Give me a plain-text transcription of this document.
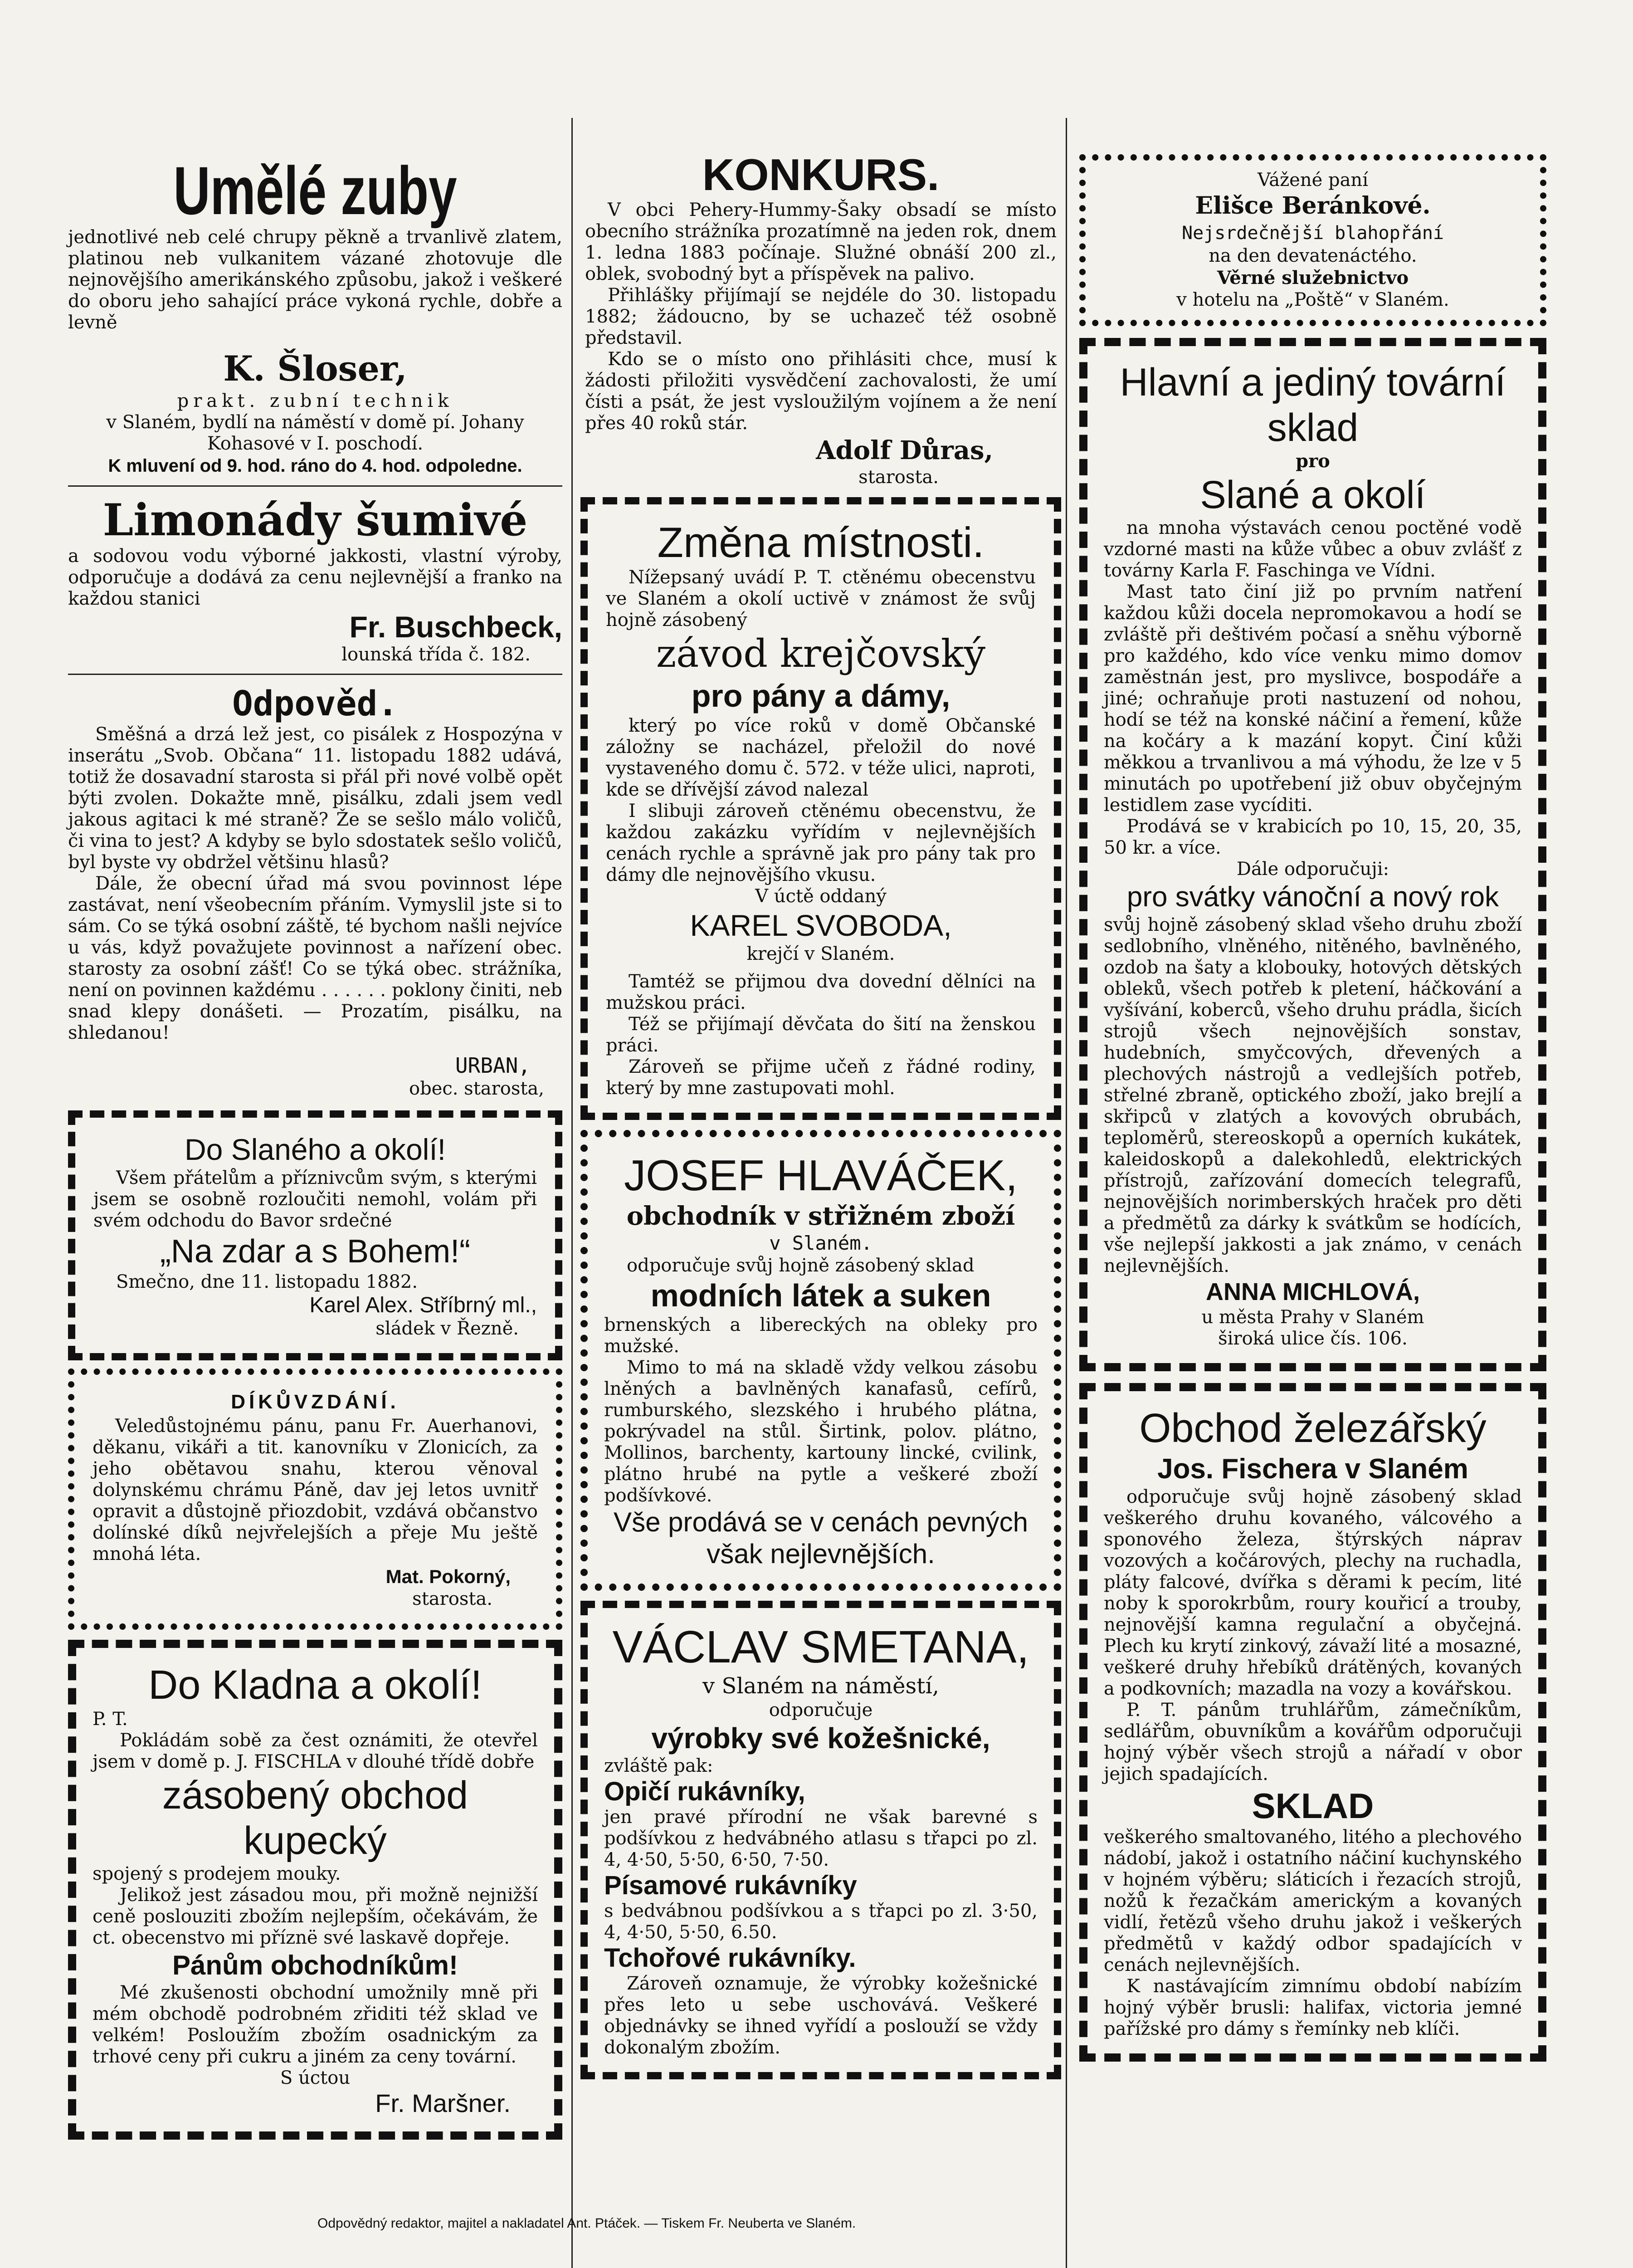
Umělé zuby

jednotlivé neb celé chrupy pěkně a trvanlivě zlatem, platinou neb vulkanitem vázané zhotovuje dle nejnovějšího amerikánského způsobu, jakož i veškeré do oboru jeho sahající práce vykoná rychle, dobře a levně

K. Šloser,

prakt. zubní technik

v Slaném, bydlí na náměstí v domě pí. Johany Kohasové v I. poschodí.

K mluvení od 9. hod. ráno do 4. hod. odpoledne.

Limonády šumivé

a sodovou vodu výborné jakkosti, vlastní výroby, odporučuje a dodává za cenu nejlevnější a franko na každou stanici

Fr. Buschbeck,

lounská třída č. 182.

Odpověd.

Směšná a drzá lež jest, co pisálek z Hospozýna v inserátu „Svob. Občana“ 11. listopadu 1882 udává, totiž že dosavadní starosta si přál při nové volbě opět býti zvolen. Dokažte mně, pisálku, zdali jsem vedl jakous agitaci k mé straně? Že se sešlo málo voličů, či vina to jest? A kdyby se bylo sdostatek sešlo voličů, byl byste vy obdržel většinu hlasů?

Dále, že obecní úřad má svou povinnost lépe zastávat, není všeobecním přáním. Vymyslil jste si to sám. Co se týká osobní záště, té bychom našli nejvíce u vás, když považujete povinnost a nařízení obec. starosty za osobní zášť! Co se týká obec. strážníka, není on povinnen každému . . . . . . poklony činiti, neb snad klepy donášeti. — Prozatím, pisálku, na shledanou!

URBAN,

obec. starosta,

Do Slaného a okolí!

Všem přátelům a příznivcům svým, s kterými jsem se osobně rozloučiti nemohl, volám při svém odchodu do Bavor srdečné

„Na zdar a s Bohem!“

Smečno, dne 11. listopadu 1882.

Karel Alex. Stříbrný ml.,

sládek v Řezně.

DÍKŮVZDÁNÍ.

Veledůstojnému pánu, panu Fr. Auerhanovi, děkanu, vikáři a tit. kanovníku v Zlonicích, za jeho obětavou snahu, kterou věnoval dolynskému chrámu Páně, dav jej letos uvnitř opravit a důstojně přiozdobit, vzdává občanstvo dolínské díků nejvřelejších a přeje Mu ještě mnohá léta.

Mat. Pokorný,

starosta.

Do Kladna a okolí!

P. T.

Pokládám sobě za čest oznámiti, že otevřel jsem v domě p. J. FISCHLA v dlouhé třídě dobře

zásobený obchod kupecký

spojený s prodejem mouky.

Jelikož jest zásadou mou, při možně nejnižší ceně poslouziti zbožím nejlepším, očekávám, že ct. obecenstvo mi příznë své laskavě dopřeje.

Pánům obchodníkům!

Mé zkušenosti obchodní umožnily mně při mém obchodě podrobném zřiditi též sklad ve velkém! Posloužím zbožím osadnickým za trhové ceny při cukru a jiném za ceny tovární.

S úctou

Fr. Maršner.

KONKURS.

V obci Pehery-Hummy-Šaky obsadí se místo obecního strážníka prozatímně na jeden rok, dnem 1. ledna 1883 počínaje. Služné obnáší 200 zl., oblek, svobodný byt a příspěvek na palivo.

Přihlášky přijímají se nejdéle do 30. listopadu 1882; žádoucno, by se uchazeč též osobně představil.

Kdo se o místo ono přihlásiti chce, musí k žádosti přiložiti vysvědčení zachovalosti, že umí čísti a psát, že jest vysloužilým vojínem a že není přes 40 roků stár.

Adolf Důras,

starosta.

Změna místnosti.

Nížepsaný uvádí P. T. ctěnému obecenstvu ve Slaném a okolí uctivě v známost že svůj hojně zásobený

závod krejčovský

pro pány a dámy,

který po více roků v domě Občanské záložny se nacházel, přeložil do nové vystaveného domu č. 572. v téže ulici, naproti, kde se dřívější závod nalezal

I slibuji zároveň ctěnému obecenstvu, že každou zakázku vyřídím v nejlevnějších cenách rychle a správně jak pro pány tak pro dámy dle nejnovějšího vkusu.

V úctě oddaný

KAREL SVOBODA,

krejčí v Slaném.

Tamtéž se přijmou dva dovední dělníci na mužskou práci.

Též se přijímají děvčata do šití na ženskou práci.

Zároveň se přijme učeň z řádné rodiny, který by mne zastupovati mohl.

JOSEF HLAVÁČEK,

obchodník v střižném zboží

v Slaném.

odporučuje svůj hojně zásobený sklad

modních látek a suken

brnenských a libereckých na obleky pro mužské.

Mimo to má na skladě vždy velkou zásobu lněných a bavlněných kanafasů, cefírů, rumburského, slezského i hrubého plátna, pokrývadel na stůl. Širtink, polov. plátno, Mollinos, barchenty, kartouny lincké, cvilink, plátno hrubé na pytle a veškeré zboží podšívkové.

Vše prodává se v cenách pevných však nejlevnějších.

VÁCLAV SMETANA,

v Slaném na náměstí,

odporučuje

výrobky své kožešnické,

zvláště pak:

Opičí rukávníky,

jen pravé přírodní ne však barevné s podšívkou z hedvábného atlasu s třapci po zl. 4, 4·50, 5·50, 6·50, 7·50.

Písamové rukávníky

s bedvábnou podšívkou a s třapci po zl. 3·50, 4, 4·50, 5·50, 6.50.

Tchořové rukávníky.

Zároveň oznamuje, že výrobky kožešnické přes leto u sebe uschovává. Veškeré objednávky se ihned vyřídí a poslouží se vždy dokonalým zbožím.

Vážené paní

Elišce Beránkové.

Nejsrdečnější blahopřání

na den devatenáctého.

Věrné služebnictvo

v hotelu na „Poště“ v Slaném.

Hlavní a jediný tovární sklad

pro

Slané a okolí

na mnoha výstavách cenou poctěné vodě vzdorné masti na kůže vůbec a obuv zvlášť z továrny Karla F. Faschinga ve Vídni.

Mast tato činí již po prvním natření každou kůži docela nepromokavou a hodí se zvláště při deštivém počasí a sněhu výborně pro každého, kdo více venku mimo domov zaměstnán jest, pro myslivce, bospodáře a jiné; ochraňuje proti nastuzení od nohou, hodí se též na konské náčiní a řemení, kůže na kočáry a k mazání kopyt. Činí kůži měkkou a trvanlivou a má výhodu, že lze v 5 minutách po upotřebení již obuv obyčejným lestidlem zase vycíditi.

Prodává se v krabicích po 10, 15, 20, 35, 50 kr. a více.

Dále odporučuji:

pro svátky vánoční a nový rok

svůj hojně zásobený sklad všeho druhu zboží sedlobního, vlněného, nitěného, bavlněného, ozdob na šaty a klobouky, hotových dětských obleků, všech potřeb k pletení, háčkování a vyšívání, koberců, všeho druhu prádla, šicích strojů všech nejnovějších sonstav, hudebních, smyčcových, dřevených a plechových nástrojů a vedlejších potřeb, střelné zbraně, optického zboží, jako brejlí a skřipců v zlatých a kovových obrubách, teploměrů, stereoskopů a operních kukátek, kaleidoskopů a dalekohledů, elektrických přístrojů, zařízování domecích telegrafů, nejnovějších norimberských hraček pro děti a předmětů za dárky k svátkům se hodících, vše nejlepší jakkosti a jak známo, v cenách nejlevnějších.

ANNA MICHLOVÁ,

u města Prahy v Slaném

široká ulice čís. 106.

Obchod železářský

Jos. Fischera v Slaném

odporučuje svůj hojně zásobený sklad veškerého druhu kovaného, válcového a sponového železa, štýrských náprav vozových a kočárových, plechy na ruchadla, pláty falcové, dvířka s děrami k pecím, lité noby k sporokrbům, roury kouřicí a trouby, nejnovější kamna regulační a obyčejná. Plech ku krytí zinkový, závaží lité a mosazné, veškeré druhy hřebíků drátěných, kovaných a podkovních; mazadla na vozy a kovářskou.

P. T. pánům truhlářům, zámečníkům, sedlářům, obuvníkům a kovářům odporučuji hojný výběr všech strojů a nářadí v obor jejich spadajících.

SKLAD

veškerého smaltovaného, litého a plechového nádobí, jakož i ostatního náčiní kuchynského v hojném výběru; sláticích i řezacích strojů, nožů k řezačkám americkým a kovaných vidlí, řetězů všeho druhu jakož i veškerých předmětů v každý odbor spadajících v cenách nejlevnějších.

K nastávajícím zimnímu období nabízím hojný výběr brusli: halifax, victoria jemné pařížské pro dámy s řemínky neb klíči.

Odpovědný redaktor, majitel a nakladatel Ant. Ptáček. — Tiskem Fr. Neuberta ve Slaném.
